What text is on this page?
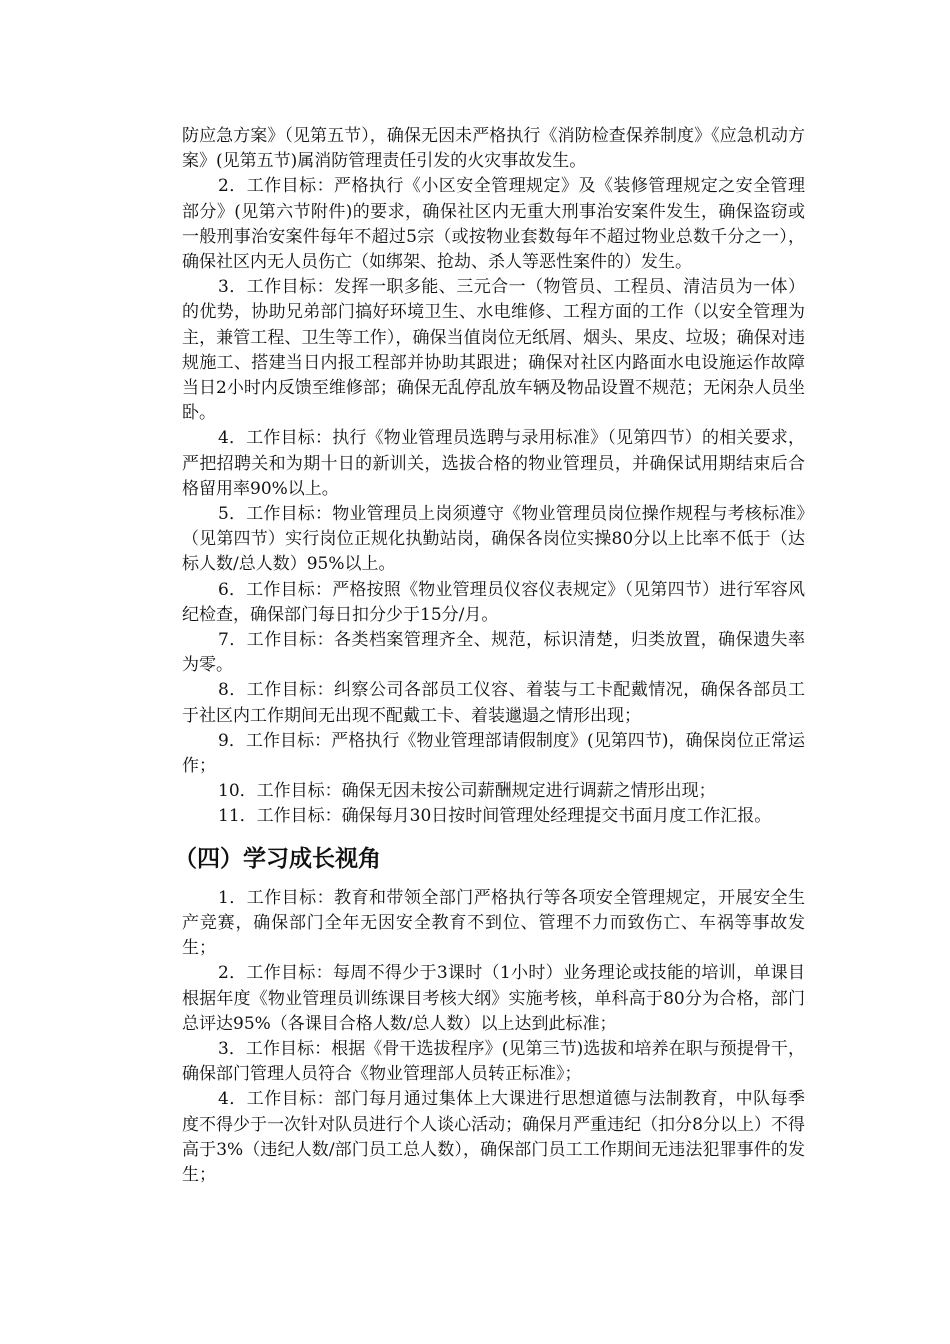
防应急方案》（见第五节），确保无因未严格执行《消防检查保养制度》《应急机动方案》(见第五节)属消防管理责任引发的火灾事故发生。

2．工作目标：严格执行《小区安全管理规定》及《装修管理规定之安全管理部分》(见第六节附件)的要求，确保社区内无重大刑事治安案件发生，确保盗窃或一般刑事治安案件每年不超过5宗（或按物业套数每年不超过物业总数千分之一），确保社区内无人员伤亡（如绑架、抢劫、杀人等恶性案件的）发生。

3．工作目标：发挥一职多能、三元合一（物管员、工程员、清洁员为一体）的优势，协助兄弟部门搞好环境卫生、水电维修、工程方面的工作（以安全管理为主，兼管工程、卫生等工作），确保当值岗位无纸屑、烟头、果皮、垃圾；确保对违规施工、搭建当日内报工程部并协助其跟进；确保对社区内路面水电设施运作故障当日2小时内反馈至维修部；确保无乱停乱放车辆及物品设置不规范；无闲杂人员坐卧。

4．工作目标：执行《物业管理员选聘与录用标准》（见第四节）的相关要求，严把招聘关和为期十日的新训关，选拔合格的物业管理员，并确保试用期结束后合格留用率90%以上。

5．工作目标：物业管理员上岗须遵守《物业管理员岗位操作规程与考核标准》（见第四节）实行岗位正规化执勤站岗，确保各岗位实操80分以上比率不低于（达标人数/总人数）95%以上。

6．工作目标：严格按照《物业管理员仪容仪表规定》（见第四节）进行军容风纪检查，确保部门每日扣分少于15分/月。

7．工作目标：各类档案管理齐全、规范，标识清楚，归类放置，确保遗失率为零。

8．工作目标：纠察公司各部员工仪容、着装与工卡配戴情况，确保各部员工于社区内工作期间无出现不配戴工卡、着装邋遢之情形出现；

9．工作目标：严格执行《物业管理部请假制度》(见第四节)，确保岗位正常运作；

10．工作目标：确保无因未按公司薪酬规定进行调薪之情形出现；

11．工作目标：确保每月30日按时间管理处经理提交书面月度工作汇报。

（四）学习成长视角

1．工作目标：教育和带领全部门严格执行等各项安全管理规定，开展安全生产竞赛，确保部门全年无因安全教育不到位、管理不力而致伤亡、车祸等事故发生；

2．工作目标：每周不得少于3课时（1小时）业务理论或技能的培训，单课目根据年度《物业管理员训练课目考核大纲》实施考核，单科高于80分为合格，部门 总评达95%（各课目合格人数/总人数）以上达到此标准；

3．工作目标：根据《骨干选拔程序》(见第三节)选拔和培养在职与预提骨干，确保部门管理人员符合《物业管理部人员转正标准》；

4．工作目标：部门每月通过集体上大课进行思想道德与法制教育，中队每季度不得少于一次针对队员进行个人谈心活动；确保月严重违纪（扣分8分以上）不得高于3%（违纪人数/部门员工总人数），确保部门员工工作期间无违法犯罪事件的发生；
